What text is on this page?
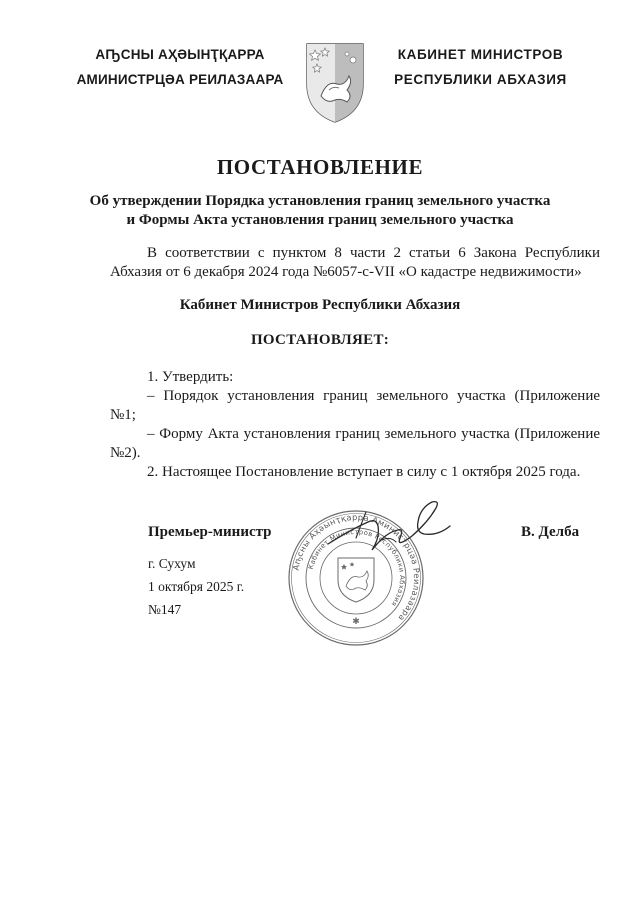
АҦСНЫ АҲӘЫНҬҚАРРА
АМИНИСТРЦӘА РЕИЛАЗААРА
КАБИНЕТ МИНИСТРОВ
РЕСПУБЛИКИ АБХАЗИЯ
ПОСТАНОВЛЕНИЕ
Об утверждении Порядка установления границ земельного участка
и Формы Акта установления границ земельного участка
В соответствии с пунктом 8 части 2 статьи 6 Закона Республики
Абхазия от 6 декабря 2024 года №6057-с-VII «О кадастре недвижимости»
Кабинет Министров Республики Абхазия
ПОСТАНОВЛЯЕТ:
1. Утвердить:
– Порядок установления границ земельного участка (Приложение
№1;
– Форму Акта установления границ земельного участка (Приложение
№2).
2. Настоящее Постановление вступает в силу с 1 октября 2025 года.
Аҧсны Аҳәынҭқарра Аминистрцәа Реилазаара
Кабинет Министров Республики Абхазия
✱
Премьер-министр	В. Делба
г. Сухум
1 октября 2025 г.
№147
